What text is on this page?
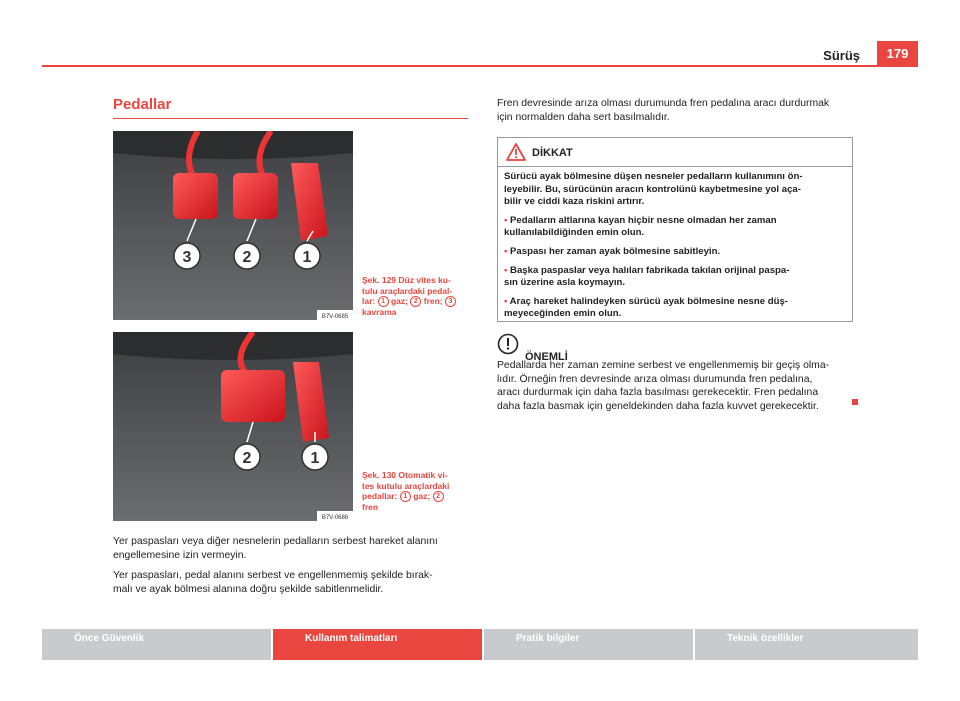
Sürüş	179
Pedallar
3	2	1
B7V-0685
Şek. 129 Düz vites ku-
tulu araçlardaki pedal-
lar: 1 gaz; 2 fren; 3
kavrama
2	1
B7V-0686
Şek. 130 Otomatik vi-
tes kutulu araçlardaki
pedallar: 1 gaz; 2
fren
Yer paspasları veya diğer nesnelerin pedalların serbest hareket alanını
engellemesine izin vermeyin.
Yer paspasları, pedal alanını serbest ve engellenmemiş şekilde bırak-
malı ve ayak bölmesi alanına doğru şekilde sabitlenmelidir.
Fren devresinde arıza olması durumunda fren pedalına aracı durdurmak
için normalden daha sert basılmalıdır.
DİKKAT

Sürücü ayak bölmesine düşen nesneler pedalların kullanımını ön-
leyebilir. Bu, sürücünün aracın kontrolünü kaybetmesine yol aça-
bilir ve ciddi kaza riskini artırır.

• Pedalların altlarına kayan hiçbir nesne olmadan her zaman
kullanılabildiğinden emin olun.

• Paspası her zaman ayak bölmesine sabitleyin.

• Başka paspaslar veya halıları fabrikada takılan orijinal paspa-
sın üzerine asla koymayın.

• Araç hareket halindeyken sürücü ayak bölmesine nesne düş-
meyeceğinden emin olun.

ÖNEMLİ
Pedallarda her zaman zemine serbest ve engellenmemiş bir geçiş olma-
lıdır. Örneğin fren devresinde arıza olması durumunda fren pedalına,
aracı durdurmak için daha fazla basılması gerekecektir. Fren pedalına
daha fazla basmak için geneldekinden daha fazla kuvvet gerekecektir.
Önce Güvenlik	Kullanım talimatları	Pratik bilgiler	Teknik özellikler
